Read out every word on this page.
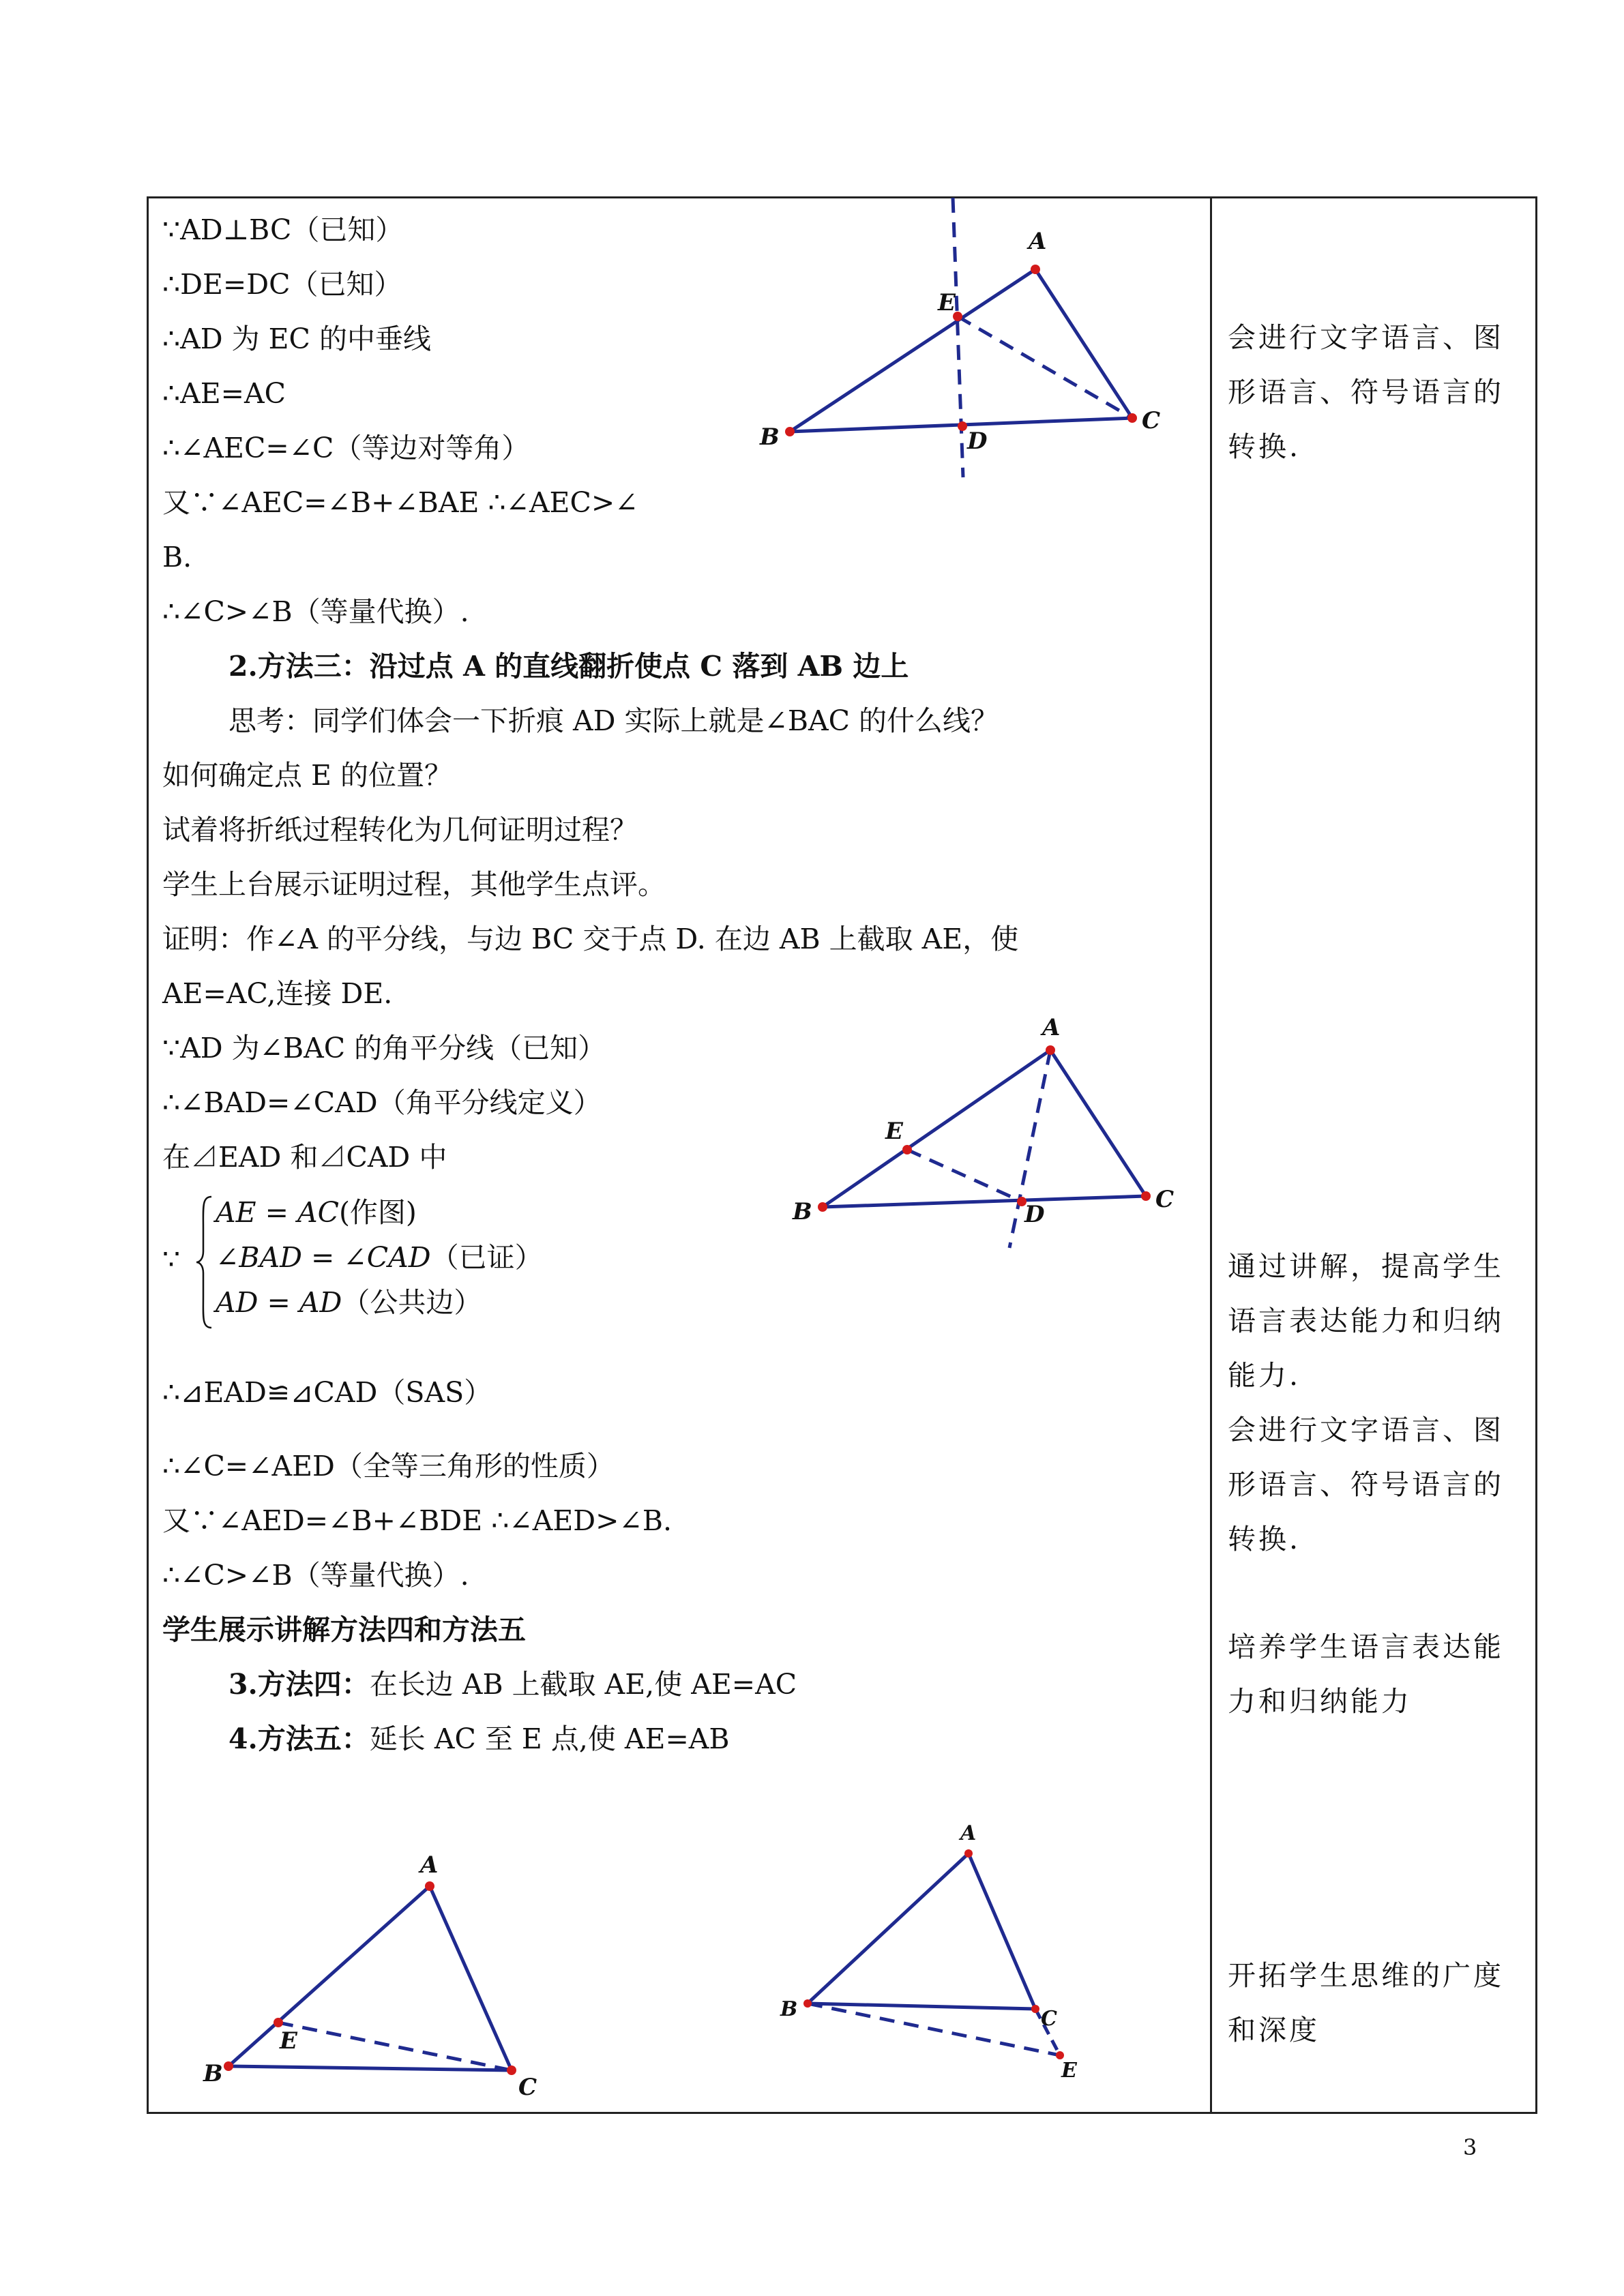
∵AD⊥BC（已知）
∴DE=DC（已知）
∴AD 为 EC 的中垂线
∴AE=AC
∴∠AEC=∠C（等边对等角）
又∵∠AEC=∠B+∠BAE ∴∠AEC>∠
B.
∴∠C>∠B（等量代换）.
2.方法三：沿过点 A 的直线翻折使点 C 落到 AB 边上
思考：同学们体会一下折痕 AD 实际上就是∠BAC 的什么线？
如何确定点 E 的位置？
试着将折纸过程转化为几何证明过程？
学生上台展示证明过程，其他学生点评。
证明：作∠A 的平分线，与边 BC 交于点 D. 在边 AB 上截取 AE，使
AE=AC,连接 DE.
∵AD 为∠BAC 的角平分线（已知）
∴∠BAD=∠CAD（角平分线定义）
在⊿EAD 和⊿CAD 中
∵
AE = AC(作图)
∠BAD = ∠CAD（已证）
AD = AD（公共边）
∴⊿EAD≌⊿CAD（SAS）
∴∠C=∠AED（全等三角形的性质）
又∵∠AED=∠B+∠BDE ∴∠AED>∠B.
∴∠C>∠B（等量代换）.
学生展示讲解方法四和方法五
3.方法四：在长边 AB 上截取 AE,使 AE=AC
4.方法五：延长 AC 至 E 点,使 AE=AB
会进行文字语言、图
形语言、符号语言的
转换.
通过讲解，提高学生
语言表达能力和归纳
能力.
会进行文字语言、图
形语言、符号语言的
转换.
培养学生语言表达能
力和归纳能力
开拓学生思维的广度
和深度
3
A
E
B	D
C
A
E
B	D
C
A
E
B	C
A
B	C
E
